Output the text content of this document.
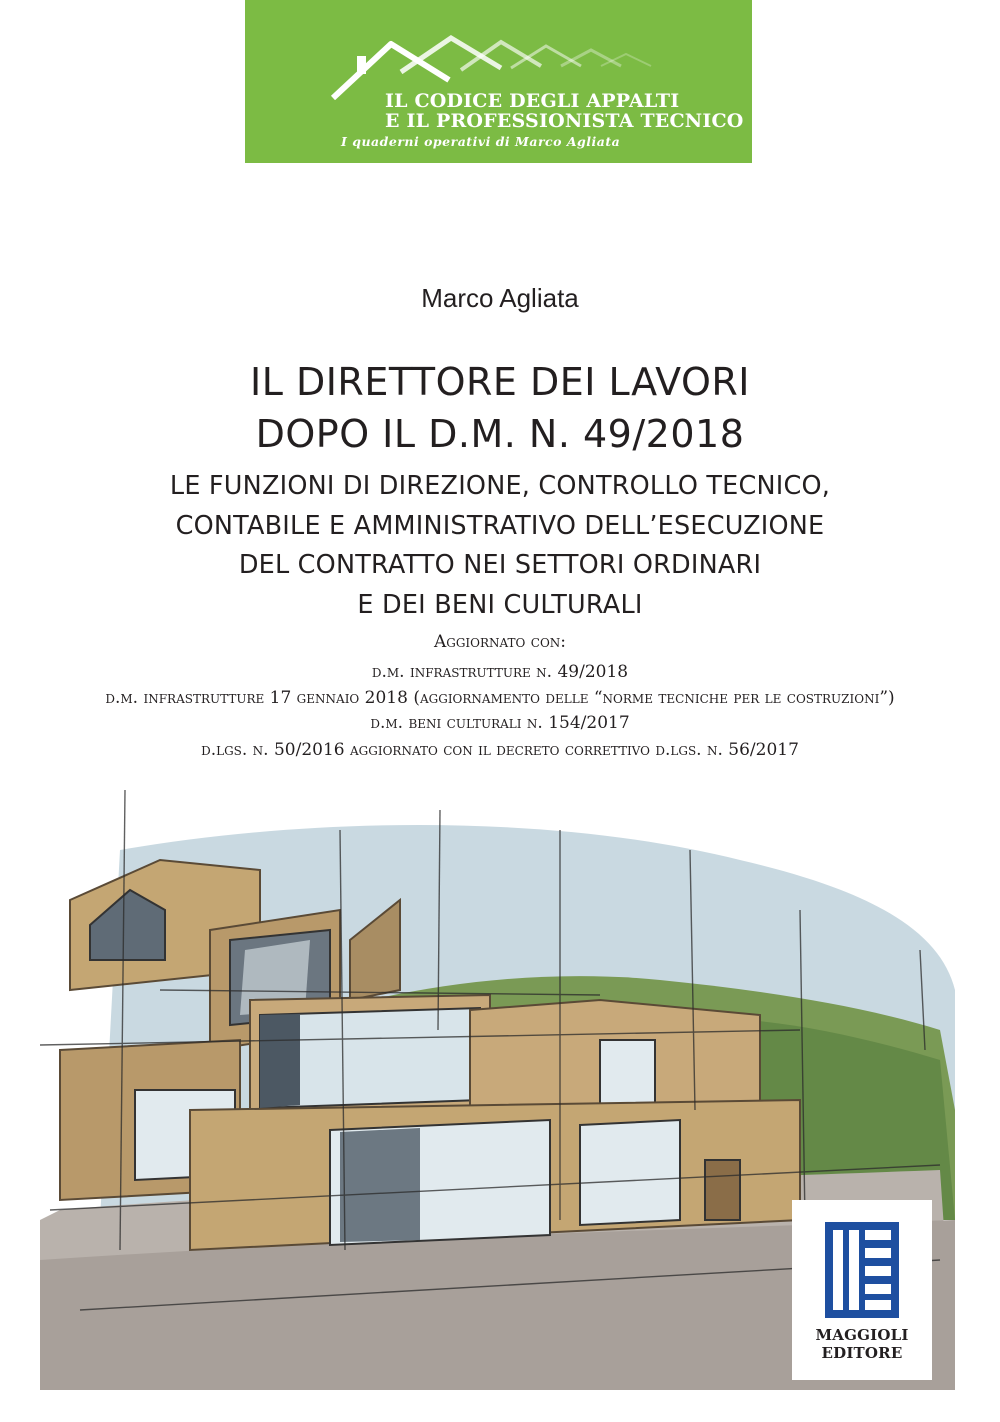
IL CODICE DEGLI APPALTI
E IL PROFESSIONISTA TECNICO
I quaderni operativi di Marco Agliata
Marco Agliata
IL DIRETTORE DEI LAVORI
DOPO IL D.M. N. 49/2018
LE FUNZIONI DI DIREZIONE, CONTROLLO TECNICO,
CONTABILE E AMMINISTRATIVO DELL’ESECUZIONE
DEL CONTRATTO NEI SETTORI ORDINARI
E DEI BENI CULTURALI
Aggiornato con:
d.m. infrastrutture n. 49/2018
d.m. infrastrutture 17 gennaio 2018 (aggiornamento delle “norme tecniche per le costruzioni”)
d.m. beni culturali n. 154/2017
d.lgs. n. 50/2016 aggiornato con il decreto correttivo d.lgs. n. 56/2017
MAGGIOLI
EDITORE
